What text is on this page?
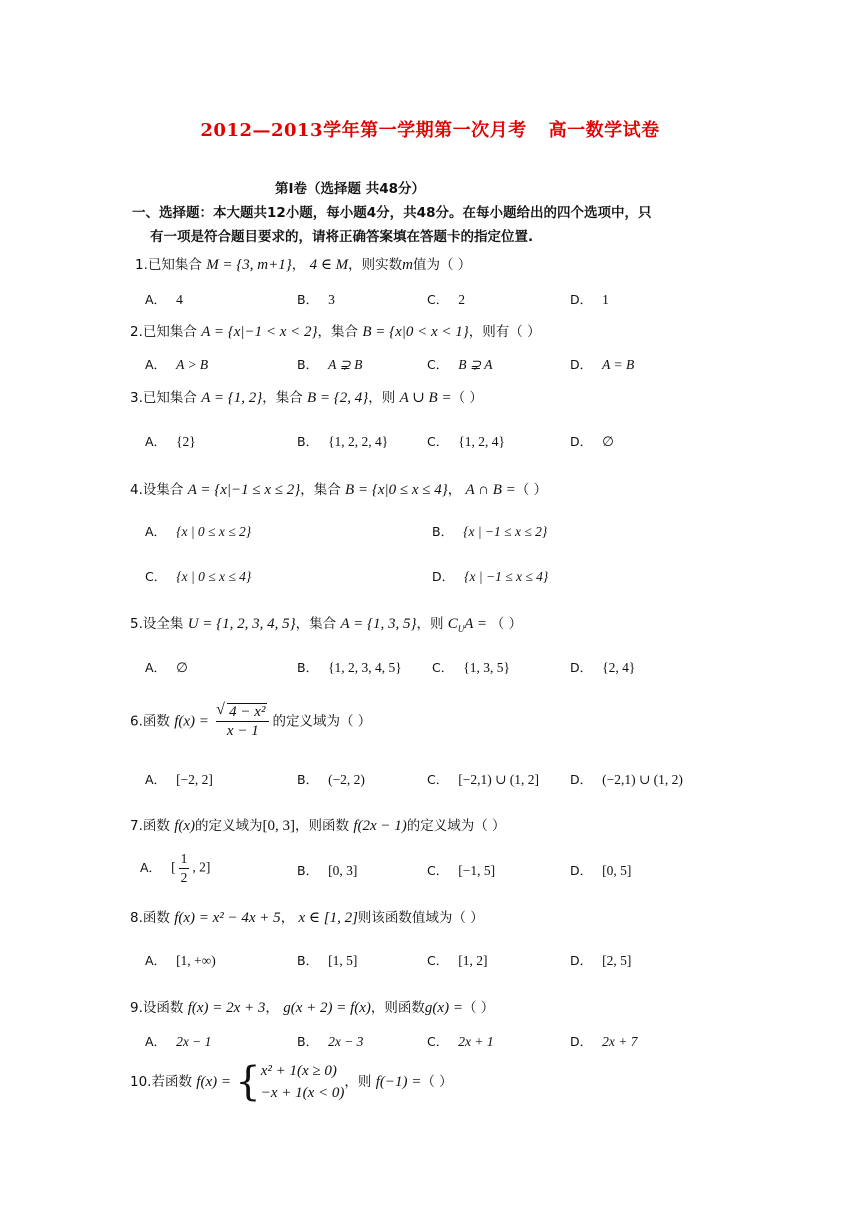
2012—2013学年第一学期第一次月考 高一数学试卷
第Ⅰ卷（选择题 共48分）
一、选择题：本大题共12小题，每小题4分，共48分。在每小题给出的四个选项中，只
有一项是符合题目要求的，请将正确答案填在答题卡的指定位置.
1.已知集合 M = {3, m+1}， 4 ∈ M，则实数m值为（ ）
A． 4	B． 3	C． 2	D． 1
2.已知集合 A = {x|−1 < x < 2}，集合 B = {x|0 < x < 1}，则有（ ）
A． A > B	B． A ⊋ B	C． B ⊋ A	D． A = B
3.已知集合 A = {1, 2}，集合 B = {2, 4}，则 A ∪ B =（ ）
A． {2}	B． {1, 2, 2, 4}	C． {1, 2, 4}	D． ∅
4.设集合 A = {x|−1 ≤ x ≤ 2}，集合 B = {x|0 ≤ x ≤ 4}， A ∩ B =（ ）
A． {x | 0 ≤ x ≤ 2}	B． {x | −1 ≤ x ≤ 2}
C． {x | 0 ≤ x ≤ 4}	D． {x | −1 ≤ x ≤ 4}
5.设全集 U = {1, 2, 3, 4, 5}，集合 A = {1, 3, 5}，则 $C_UA$ = （ ）
A． ∅	B． {1, 2, 3, 4, 5} C． {1, 3, 5}	D． {2, 4}
6.函数 f(x) =
√ $\frac{\text{4 − x²}}{x - 1}$ 的定义域为（ ）
A． [−2, 2]	B． (−2, 2)	C． [−2,1) ∪ (1, 2] D． (−2,1) ∪ (1, 2)
7.函数 f(x)的定义域为[0, 3]，则函数 f(2x − 1)的定义域为（ ）
A． [ $\frac{1}{2}$ , 2]	B． [0, 3]	C． [−1, 5]	D． [0, 5]
8.函数 f(x) = x² − 4x + 5， x ∈ [1, 2]则该函数值域为（ ）
A． [1, +∞)	B． [1, 5]	C． [1, 2]	D． [2, 5]
9.设函数 f(x) = 2x + 3， g(x + 2) = f(x)，则函数g(x) =（ ）
A． 2x − 1	B． 2x − 3	C． 2x + 1	D． 2x + 7
10.若函数 f(x) = { x² + 1(x ≥ 0)
−x + 1(x < 0)
，则 f(−1) =（ ）
